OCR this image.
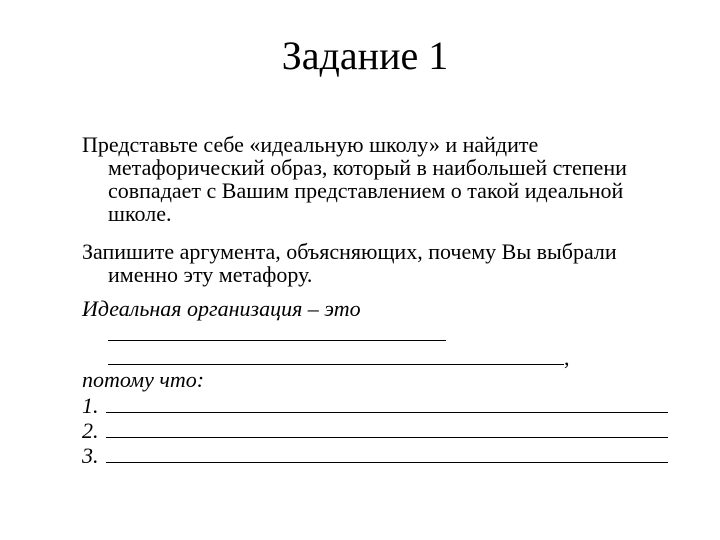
Задание 1
Представьте себе «идеальную школу» и найдите
метафорический образ, который в наибольшей степени совпадает с Вашим представлением о такой идеальной школе.
Запишите аргумента, объясняющих, почему Вы выбрали
именно эту метафору.
Идеальная организация – это
,
потому что:
1.
2.
3.
